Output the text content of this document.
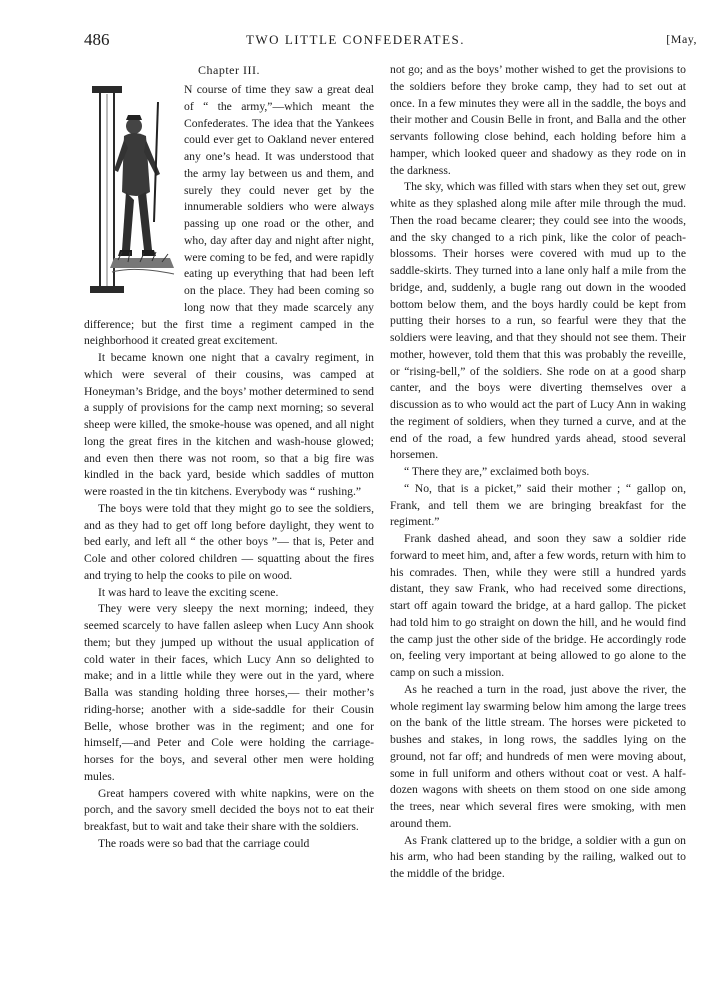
486	TWO LITTLE CONFEDERATES.	[May,
Chapter III.

N course of time they saw a great deal of “ the army,”—which meant the Confederates. The idea that the Yankees could ever get to Oakland never entered any one’s head. It was understood that the army lay between us and them, and surely they could never get by the innumerable soldiers who were always passing up one road or the other, and who, day after day and night after night, were coming to be fed, and were rapidly eating up everything that had been left on the place. They had been coming so long now that they made scarcely any difference; but the first time a regiment camped in the neighborhood it created great excitement.

It became known one night that a cavalry regiment, in which were several of their cousins, was camped at Honeyman’s Bridge, and the boys’ mother determined to send a supply of provisions for the camp next morning; so several sheep were killed, the smoke-house was opened, and all night long the great fires in the kitchen and wash-house glowed; and even then there was not room, so that a big fire was kindled in the back yard, beside which saddles of mutton were roasted in the tin kitchens. Everybody was “ rushing.”

The boys were told that they might go to see the soldiers, and as they had to get off long before daylight, they went to bed early, and left all “ the other boys ”— that is, Peter and Cole and other colored children — squatting about the fires and trying to help the cooks to pile on wood.

It was hard to leave the exciting scene.

They were very sleepy the next morning; indeed, they seemed scarcely to have fallen asleep when Lucy Ann shook them; but they jumped up without the usual application of cold water in their faces, which Lucy Ann so delighted to make; and in a little while they were out in the yard, where Balla was standing holding three horses,— their mother’s riding-horse; another with a side-saddle for their Cousin Belle, whose brother was in the regiment; and one for himself,—and Peter and Cole were holding the carriage-horses for the boys, and several other men were holding mules.

Great hampers covered with white napkins, were on the porch, and the savory smell decided the boys not to eat their breakfast, but to wait and take their share with the soldiers.

The roads were so bad that the carriage could

not go; and as the boys’ mother wished to get the provisions to the soldiers before they broke camp, they had to set out at once. In a few minutes they were all in the saddle, the boys and their mother and Cousin Belle in front, and Balla and the other servants following close behind, each holding before him a hamper, which looked queer and shadowy as they rode on in the darkness.

The sky, which was filled with stars when they set out, grew white as they splashed along mile after mile through the mud. Then the road became clearer; they could see into the woods, and the sky changed to a rich pink, like the color of peach-blossoms. Their horses were covered with mud up to the saddle-skirts. They turned into a lane only half a mile from the bridge, and, suddenly, a bugle rang out down in the wooded bottom below them, and the boys hardly could be kept from putting their horses to a run, so fearful were they that the soldiers were leaving, and that they should not see them. Their mother, however, told them that this was probably the reveille, or “rising-bell,” of the soldiers. She rode on at a good sharp canter, and the boys were diverting themselves over a discussion as to who would act the part of Lucy Ann in waking the regiment of soldiers, when they turned a curve, and at the end of the road, a few hundred yards ahead, stood several horsemen.

“ There they are,” exclaimed both boys.

“ No, that is a picket,” said their mother ; “ gallop on, Frank, and tell them we are bringing breakfast for the regiment.”

Frank dashed ahead, and soon they saw a soldier ride forward to meet him, and, after a few words, return with him to his comrades. Then, while they were still a hundred yards distant, they saw Frank, who had received some directions, start off again toward the bridge, at a hard gallop. The picket had told him to go straight on down the hill, and he would find the camp just the other side of the bridge. He accordingly rode on, feeling very important at being allowed to go alone to the camp on such a mission.

As he reached a turn in the road, just above the river, the whole regiment lay swarming below him among the large trees on the bank of the little stream. The horses were picketed to bushes and stakes, in long rows, the saddles lying on the ground, not far off; and hundreds of men were moving about, some in full uniform and others without coat or vest. A half-dozen wagons with sheets on them stood on one side among the trees, near which several fires were smoking, with men around them.

As Frank clattered up to the bridge, a soldier with a gun on his arm, who had been standing by the railing, walked out to the middle of the bridge.
